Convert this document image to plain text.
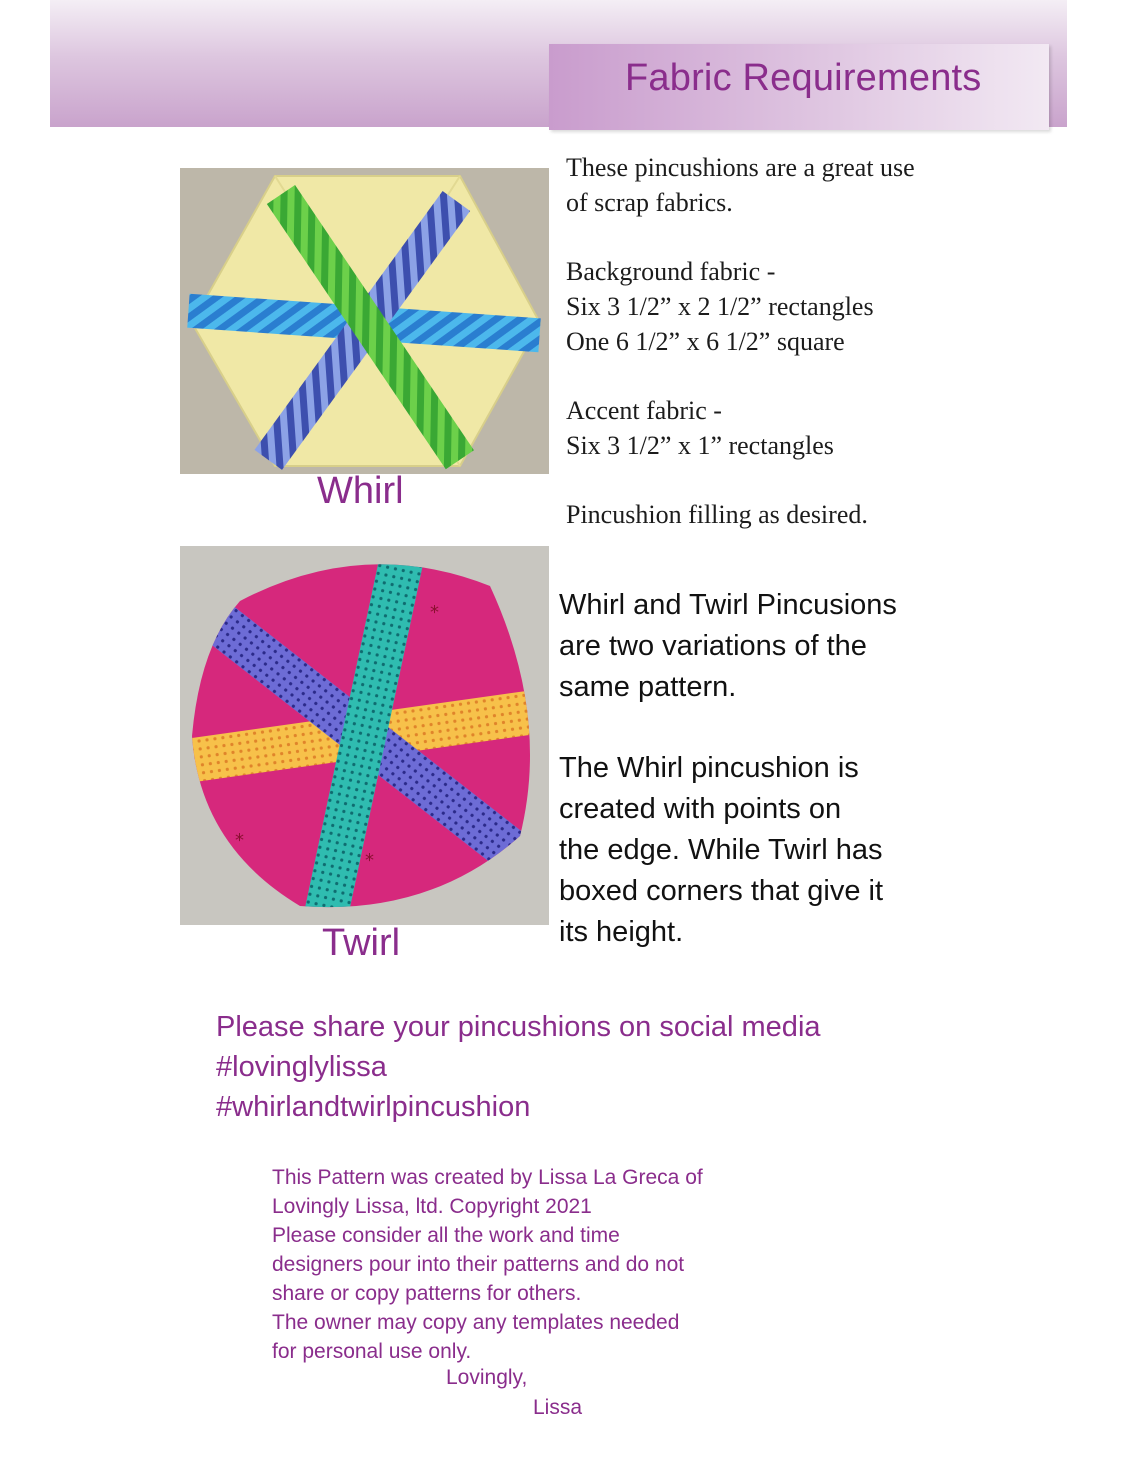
Fabric Requirements
Whirl
*
*
*
Twirl

These pincushions are a great use
of scrap fabrics.

Background fabric -
Six 3 1/2” x 2 1/2” rectangles
One 6 1/2” x 6 1/2” square

Accent fabric -
Six 3 1/2” x 1” rectangles

Pincushion filling as desired.

Whirl and Twirl Pincusions
are two variations of the
same pattern.

The Whirl pincushion is
created with points on
the edge. While Twirl has
boxed corners that give it
its height.

Please share your pincushions on social media
#lovinglylissa
#whirlandtwirlpincushion
This Pattern was created by Lissa La Greca of
Lovingly Lissa, ltd. Copyright 2021
Please consider all the work and time
designers pour into their patterns and do not
share or copy patterns for others.
The owner may copy any templates needed
for personal use only.
Lovingly,
Lissa
